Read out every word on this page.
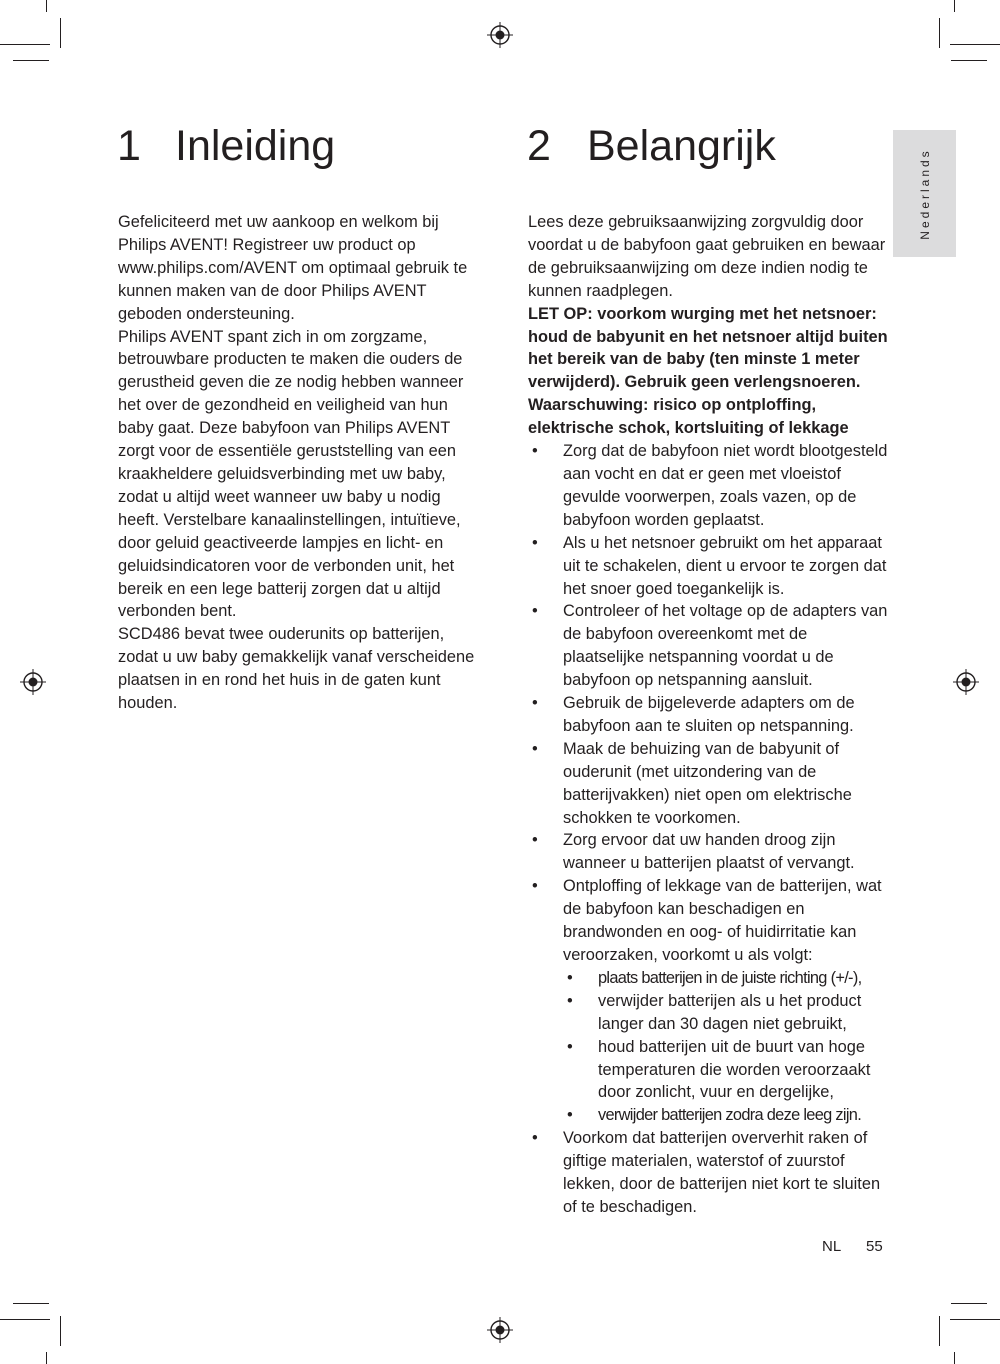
Nederlands
1 Inleiding

Gefeliciteerd met uw aankoop en welkom bij Philips AVENT! Registreer uw product op www.philips.com/AVENT om optimaal gebruik te kunnen maken van de door Philips AVENT geboden ondersteuning.

Philips AVENT spant zich in om zorgzame, betrouwbare producten te maken die ouders de gerustheid geven die ze nodig hebben wanneer het over de gezondheid en veiligheid van hun baby gaat. Deze babyfoon van Philips AVENT zorgt voor de essentiële geruststelling van een kraakheldere geluidsverbinding met uw baby, zodat u altijd weet wanneer uw baby u nodig heeft. Verstelbare kanaalinstellingen, intuïtieve, door geluid geactiveerde lampjes en licht- en geluidsindicatoren voor de verbonden unit, het bereik en een lege batterij zorgen dat u altijd verbonden bent.

SCD486 bevat twee ouderunits op batterijen, zodat u uw baby gemakkelijk vanaf verscheidene plaatsen in en rond het huis in de gaten kunt houden.

2 Belangrijk

Lees deze gebruiksaanwijzing zorgvuldig door voordat u de babyfoon gaat gebruiken en bewaar de gebruiksaanwijzing om deze indien nodig te kunnen raadplegen.

LET OP: voorkom wurging met het netsnoer: houd de babyunit en het netsnoer altijd buiten het bereik van de baby (ten minste 1 meter verwijderd). Gebruik geen verlengsnoeren.

Waarschuwing: risico op ontploffing, elektrische schok, kortsluiting of lekkage

• Zorg dat de babyfoon niet wordt blootgesteld aan vocht en dat er geen met vloeistof gevulde voorwerpen, zoals vazen, op de babyfoon worden geplaatst.
• Als u het netsnoer gebruikt om het apparaat uit te schakelen, dient u ervoor te zorgen dat het snoer goed toegankelijk is.
• Controleer of het voltage op de adapters van de babyfoon overeenkomt met de plaatselijke netspanning voordat u de babyfoon op netspanning aansluit.
• Gebruik de bijgeleverde adapters om de babyfoon aan te sluiten op netspanning.
• Maak de behuizing van de babyunit of ouderunit (met uitzondering van de batterijvakken) niet open om elektrische schokken te voorkomen.
• Zorg ervoor dat uw handen droog zijn wanneer u batterijen plaatst of vervangt.
• Ontploffing of lekkage van de batterijen, wat de babyfoon kan beschadigen en brandwonden en oog- of huidirritatie kan veroorzaken, voorkomt u als volgt:
• plaats batterijen in de juiste richting (+/-),
• verwijder batterijen als u het product langer dan 30 dagen niet gebruikt,
• houd batterijen uit de buurt van hoge temperaturen die worden veroorzaakt door zonlicht, vuur en dergelijke,
• verwijder batterijen zodra deze leeg zijn.
• Voorkom dat batterijen oververhit raken of giftige materialen, waterstof of zuurstof lekken, door de batterijen niet kort te sluiten of te beschadigen.
NL 55
